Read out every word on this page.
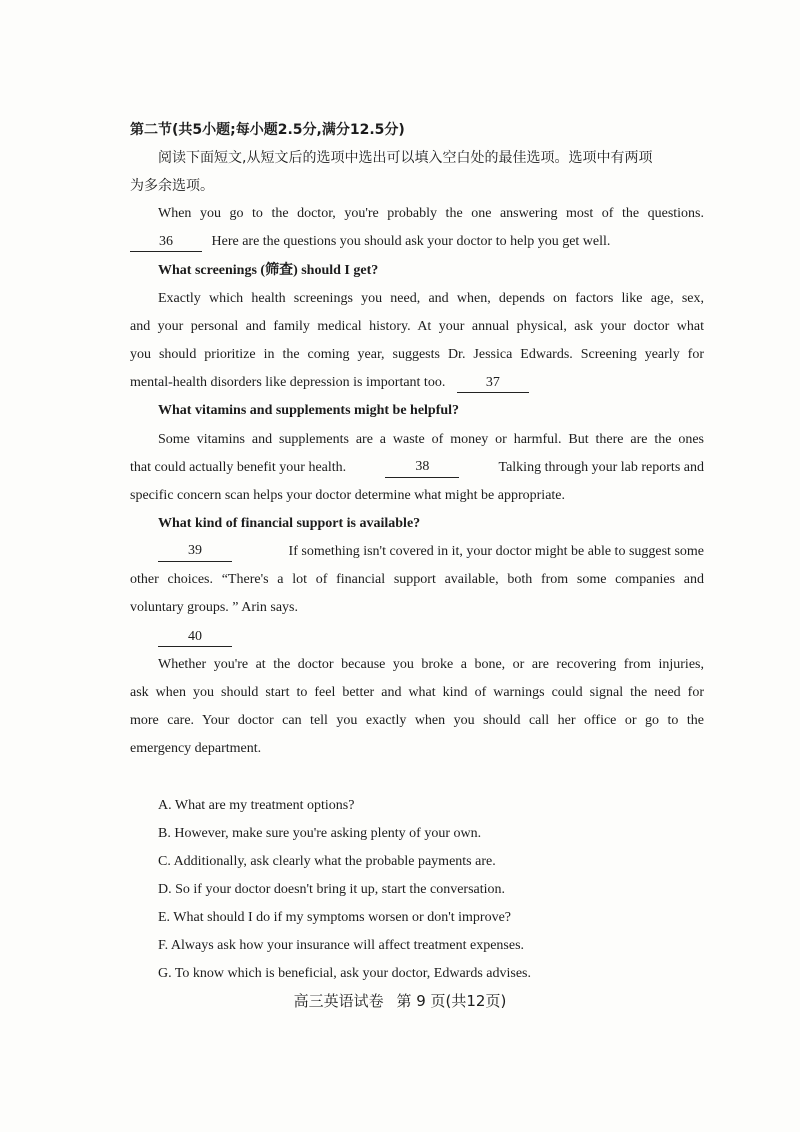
第二节(共5小题;每小题2.5分,满分12.5分)
阅读下面短文,从短文后的选项中选出可以填入空白处的最佳选项。选项中有两项
为多余选项。
When you go to the doctor, you're probably the one answering most of the questions.
36	Here are the questions you should ask your doctor to help you get well.
What screenings (筛查) should I get?
Exactly which health screenings you need, and when, depends on factors like age, sex,
and your personal and family medical history. At your annual physical, ask your doctor what
you should prioritize in the coming year, suggests Dr. Jessica Edwards. Screening yearly for
mental-health disorders like depression is important too.	37
What vitamins and supplements might be helpful?
Some vitamins and supplements are a waste of money or harmful. But there are the ones
that could actually benefit your health.	38	Talking through your lab reports and
specific concern scan helps your doctor determine what might be appropriate.
What kind of financial support is available?
39	If something isn't covered in it, your doctor might be able to suggest some
other choices. “There's a lot of financial support available, both from some companies and
voluntary groups. ” Arin says.
40
Whether you're at the doctor because you broke a bone, or are recovering from injuries,
ask when you should start to feel better and what kind of warnings could signal the need for
more care. Your doctor can tell you exactly when you should call her office or go to the
emergency department.
A. What are my treatment options?
B. However, make sure you're asking plenty of your own.
C. Additionally, ask clearly what the probable payments are.
D. So if your doctor doesn't bring it up, start the conversation.
E. What should I do if my symptoms worsen or don't improve?
F. Always ask how your insurance will affect treatment expenses.
G. To know which is beneficial, ask your doctor, Edwards advises.
高三英语试卷 第 9 页(共12页)
